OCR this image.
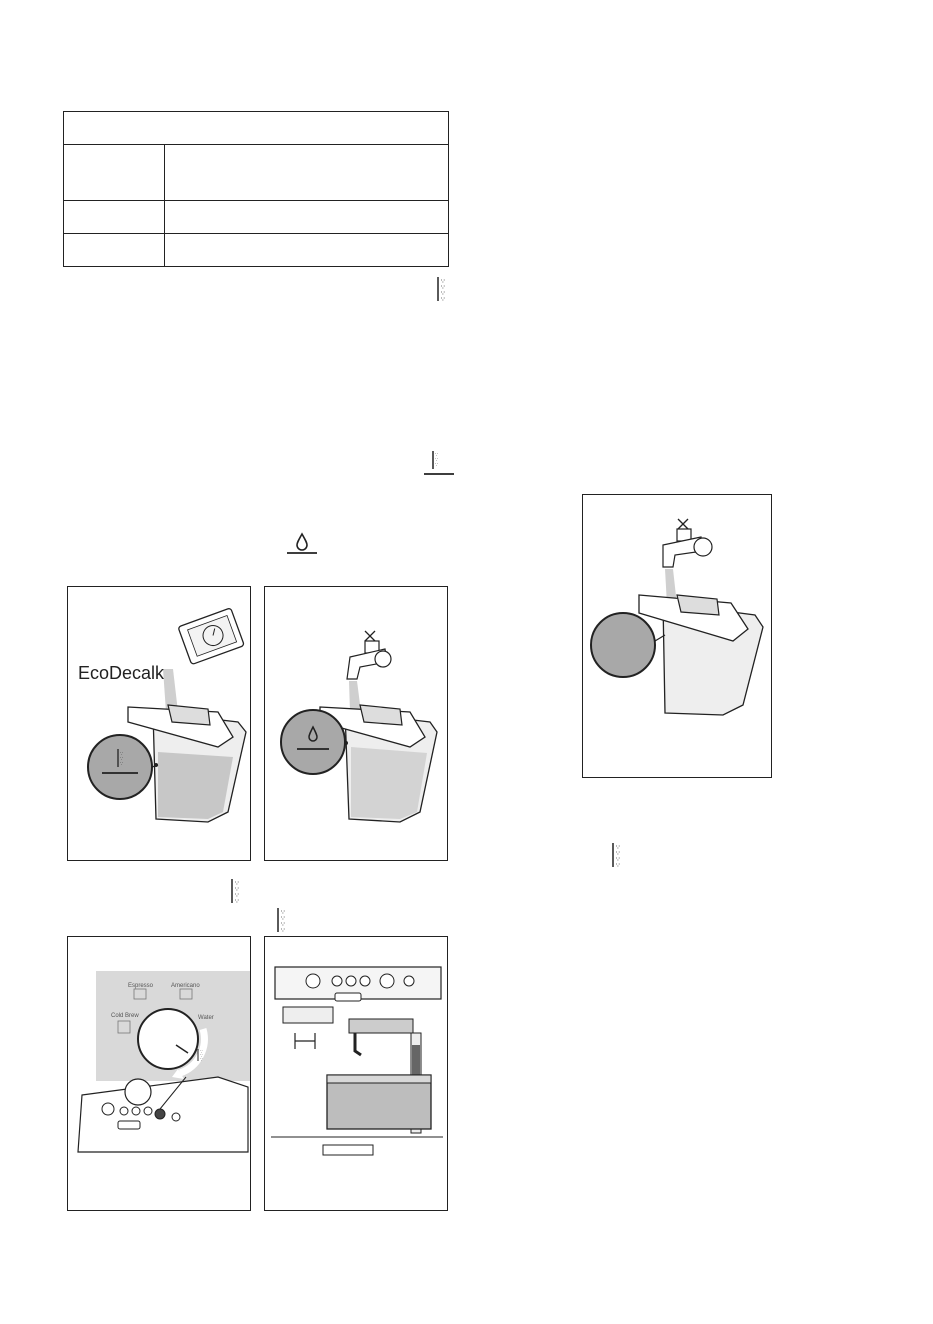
∵
∵
∵
∵
∵
∵
∵
∵
∵
∵
∵
∵
∵
∵
∵
∵
∵
∵
∵
EcoDecalk
∵
∵
∵
Espresso	Americano
Cold Brew	Water
∵
∵
∵
